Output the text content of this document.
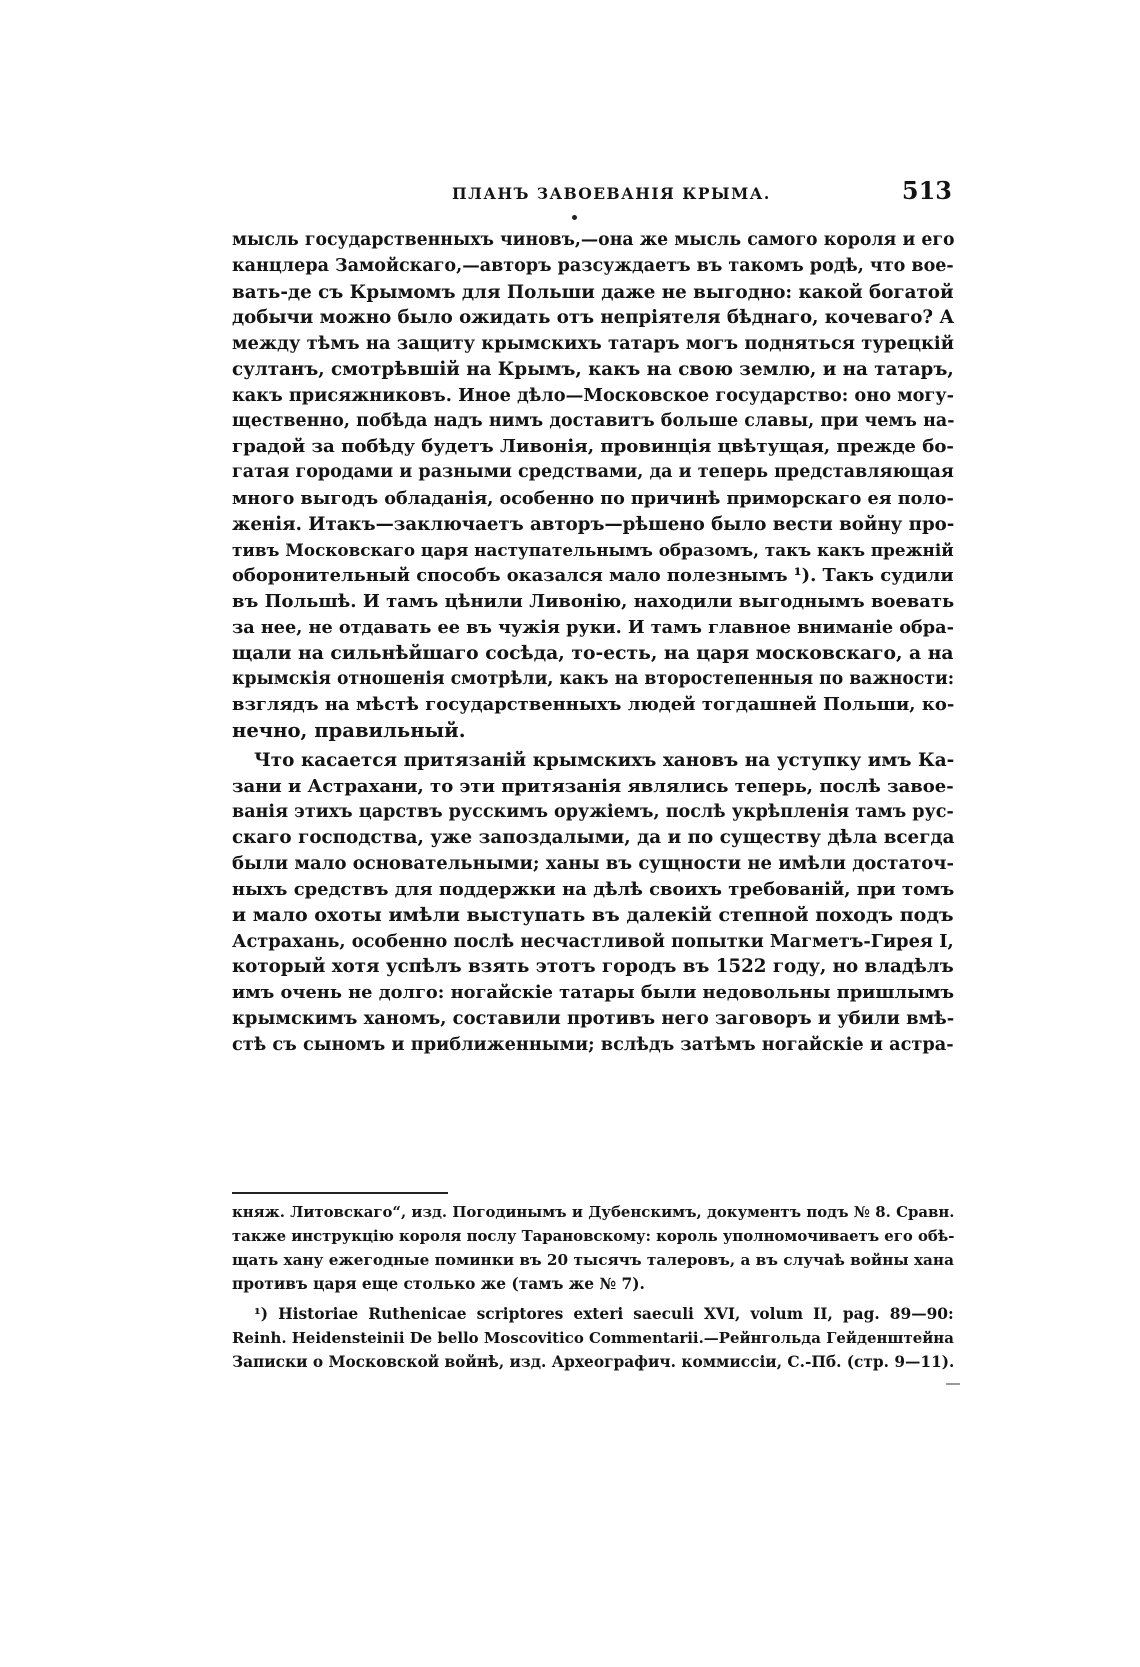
ПЛАНЪ ЗАВОЕВАНІЯ КРЫМА.	513
мысль государственныхъ чиновъ,—она же мысль самого короля и его
канцлера Замойскаго,—авторъ разсуждаетъ въ такомъ родѣ, что вое-
вать-де съ Крымомъ для Польши даже не выгодно: какой богатой
добычи можно было ожидать отъ непріятеля бѣднаго, кочеваго? А
между тѣмъ на защиту крымскихъ татаръ могъ подняться турецкій
султанъ, смотрѣвшій на Крымъ, какъ на свою землю, и на татаръ,
какъ присяжниковъ. Иное дѣло—Московское государство: оно могу-
щественно, побѣда надъ нимъ доставитъ больше славы, при чемъ на-
градой за побѣду будетъ Ливонія, провинція цвѣтущая, прежде бо-
гатая городами и разными средствами, да и теперь представляющая
много выгодъ обладанія, особенно по причинѣ приморскаго ея поло-
женія. Итакъ—заключаетъ авторъ—рѣшено было вести войну про-
тивъ Московскаго царя наступательнымъ образомъ, такъ какъ прежній
оборонительный способъ оказался мало полезнымъ ¹). Такъ судили
въ Польшѣ. И тамъ цѣнили Ливонію, находили выгоднымъ воевать
за нее, не отдавать ее въ чужія руки. И тамъ главное вниманіе обра-
щали на сильнѣйшаго сосѣда, то-есть, на царя московскаго, а на
крымскія отношенія смотрѣли, какъ на второстепенныя по важности:
взглядъ на мѣстѣ государственныхъ людей тогдашней Польши, ко-
нечно, правильный.
Что касается притязаній крымскихъ хановъ на уступку имъ Ка-
зани и Астрахани, то эти притязанія являлись теперь, послѣ завое-
ванія этихъ царствъ русскимъ оружіемъ, послѣ укрѣпленія тамъ рус-
скаго господства, уже запоздалыми, да и по существу дѣла всегда
были мало основательными; ханы въ сущности не имѣли достаточ-
ныхъ средствъ для поддержки на дѣлѣ своихъ требованій, при томъ
и мало охоты имѣли выступать въ далекій степной походъ подъ
Астрахань, особенно послѣ несчастливой попытки Магметъ-Гирея I,
который хотя успѣлъ взять этотъ городъ въ 1522 году, но владѣлъ
имъ очень не долго: ногайскіе татары были недовольны пришлымъ
крымскимъ ханомъ, составили противъ него заговоръ и убили вмѣ-
стѣ съ сыномъ и приближенными; вслѣдъ затѣмъ ногайскіе и астра-
княж. Литовскаго“, изд. Погодинымъ и Дубенскимъ, документъ подъ № 8. Сравн.
также инструкцію короля послу Тарановскому: король уполномочиваетъ его обѣ-
щать хану ежегодные поминки въ 20 тысячъ талеровъ, а въ случаѣ войны хана
противъ царя еще столько же (тамъ же № 7).
¹) Historiae Ruthenicae scriptores exteri saeculi XVI, volum II, pag. 89—90:
Reinh. Heidensteinii De bello Moscovitico Commentarii.—Рейнгольда Гейденштейна
Записки о Московской войнѣ, изд. Археографич. коммиссіи, С.-Пб. (стр. 9—11).
